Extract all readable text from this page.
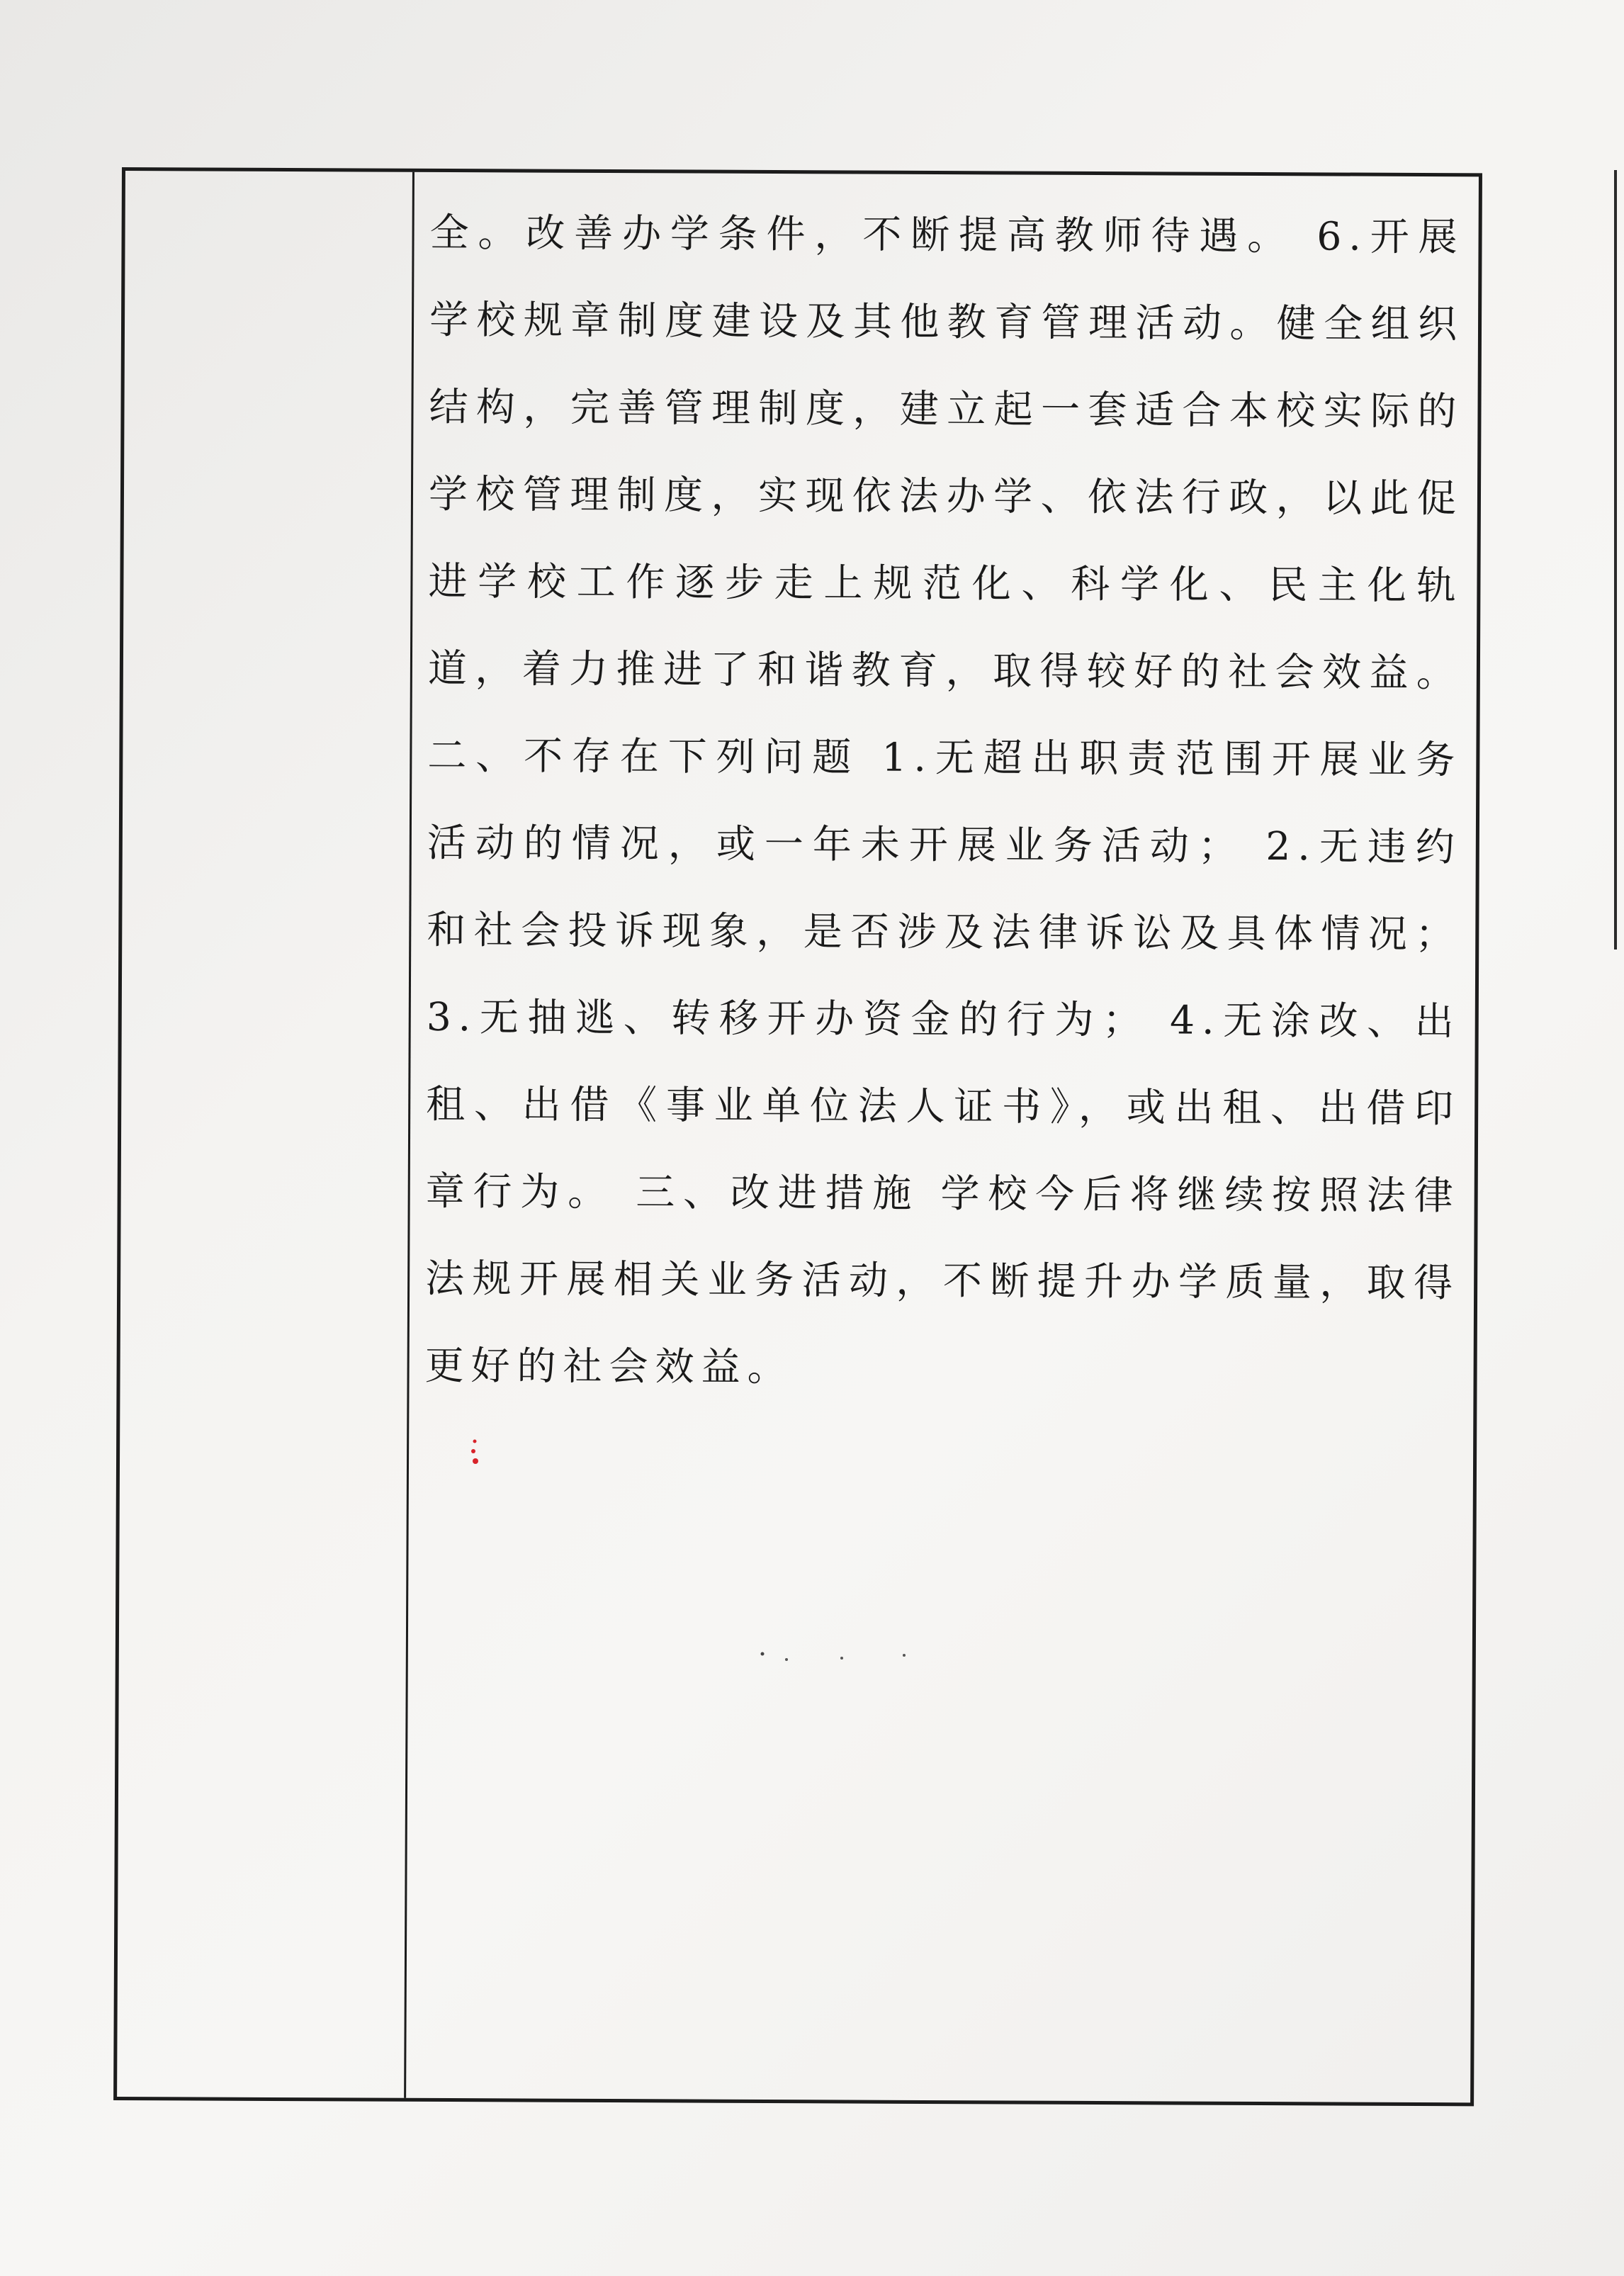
全。改善办学条件，不断提高教师待遇。 6.开展学校规章制度建设及其他教育管理活动。健全组织结构，完善管理制度，建立起一套适合本校实际的学校管理制度，实现依法办学、依法行政，以此促进学校工作逐步走上规范化、科学化、民主化轨道，着力推进了和谐教育，取得较好的社会效益。 二、不存在下列问题 1.无超出职责范围开展业务活动的情况，或一年未开展业务活动； 2.无违约和社会投诉现象，是否涉及法律诉讼及具体情况； 3.无抽逃、转移开办资金的行为； 4.无涂改、出租、出借《事业单位法人证书》，或出租、出借印章行为。 三、改进措施 学校今后将继续按照法律法规开展相关业务活动，不断提升办学质量，取得更好的社会效益。
